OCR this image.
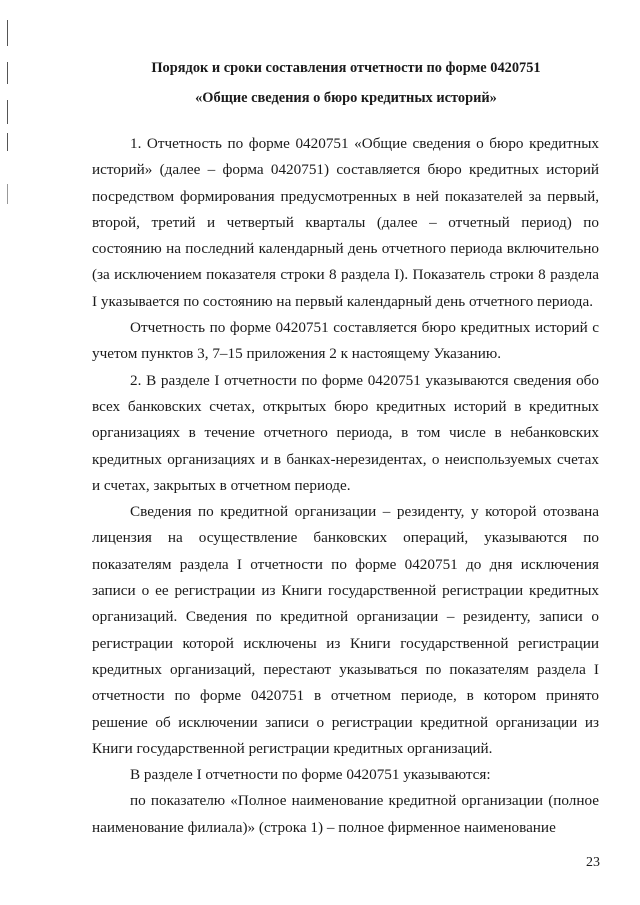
Порядок и сроки составления отчетности по форме 0420751
«Общие сведения о бюро кредитных историй»

1. Отчетность по форме 0420751 «Общие сведения о бюро кредитных историй» (далее – форма 0420751) составляется бюро кредитных историй посредством формирования предусмотренных в ней показателей за первый, второй, третий и четвертый кварталы (далее – отчетный период) по состоянию на последний календарный день отчетного периода включительно (за исключением показателя строки 8 раздела I). Показатель строки 8 раздела I указывается по состоянию на первый календарный день отчетного периода.

Отчетность по форме 0420751 составляется бюро кредитных историй с учетом пунктов 3, 7–15 приложения 2 к настоящему Указанию.

2. В разделе I отчетности по форме 0420751 указываются сведения обо всех банковских счетах, открытых бюро кредитных историй в кредитных организациях в течение отчетного периода, в том числе в небанковских кредитных организациях и в банках-нерезидентах, о неиспользуемых счетах и счетах, закрытых в отчетном периоде.

Сведения по кредитной организации – резиденту, у которой отозвана лицензия на осуществление банковских операций, указываются по показателям раздела I отчетности по форме 0420751 до дня исключения записи о ее регистрации из Книги государственной регистрации кредитных организаций. Сведения по кредитной организации – резиденту, записи о регистрации которой исключены из Книги государственной регистрации кредитных организаций, перестают указываться по показателям раздела I отчетности по форме 0420751 в отчетном периоде, в котором принято решение об исключении записи о регистрации кредитной организации из Книги государственной регистрации кредитных организаций.

В разделе I отчетности по форме 0420751 указываются:

по показателю «Полное наименование кредитной организации (полное наименование филиала)» (строка 1) – полное фирменное наименование

23
